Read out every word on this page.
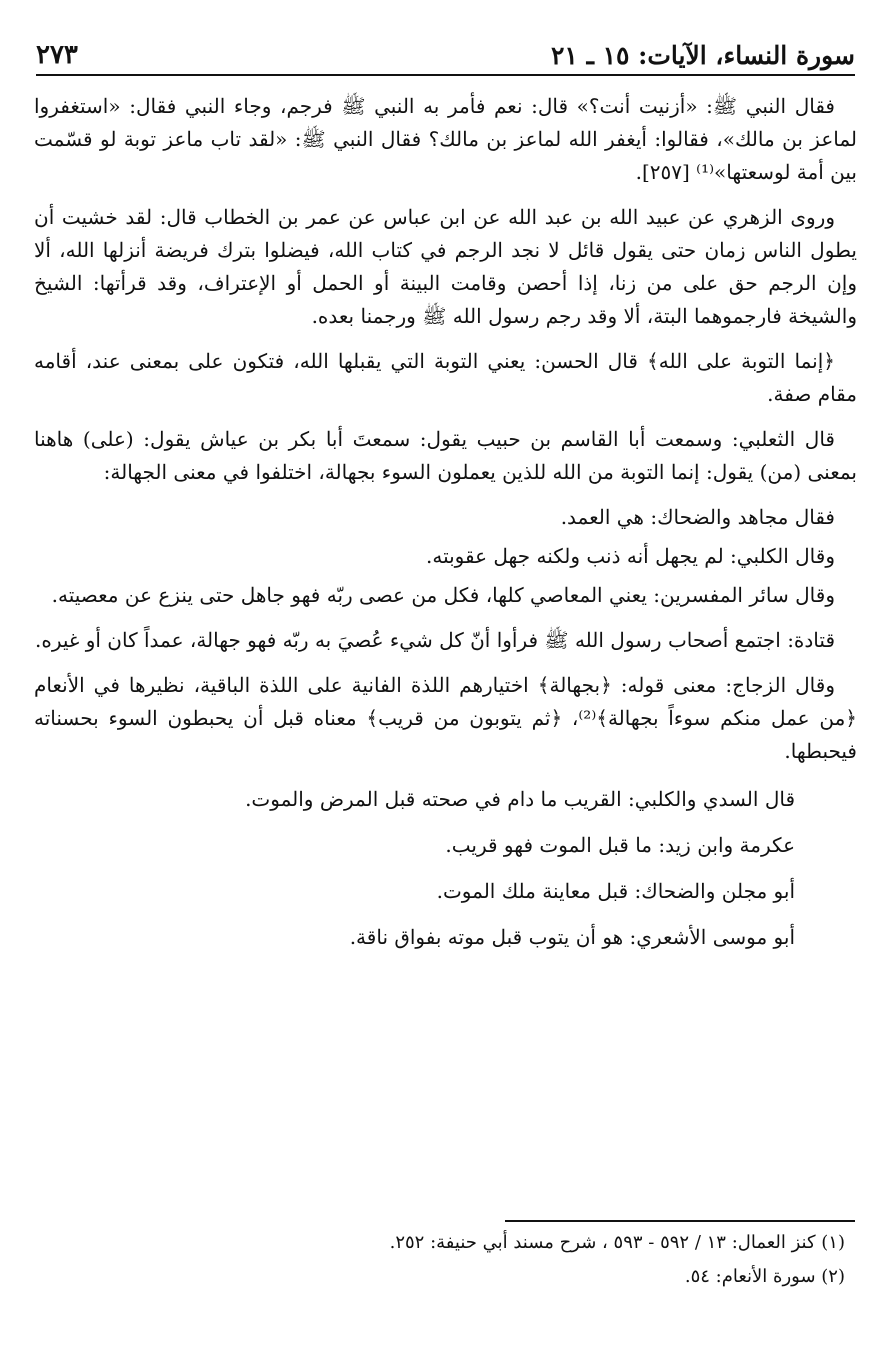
٢٧٣	سورة النساء، الآيات: ١٥ ـ ٢١

فقال النبي ﷺ: «أزنيت أنت؟» قال: نعم فأمر به النبي ﷺ فرجم، وجاء النبي فقال: «استغفروا لماعز بن مالك»، فقالوا: أيغفر الله لماعز بن مالك؟ فقال النبي ﷺ: «لقد تاب ماعز توبة لو قسّمت بين أمة لوسعتها»⁽¹⁾ [٢٥٧].

وروى الزهري عن عبيد الله بن عبد الله عن ابن عباس عن عمر بن الخطاب قال: لقد خشيت أن يطول الناس زمان حتى يقول قائل لا نجد الرجم في كتاب الله، فيضلوا بترك فريضة أنزلها الله، ألا وإن الرجم حق على من زنا، إذا أحصن وقامت البينة أو الحمل أو الإعتراف، وقد قرأتها: الشيخ والشيخة فارجموهما البتة، ألا وقد رجم رسول الله ﷺ ورجمنا بعده.

﴿إنما التوبة على الله﴾ قال الحسن: يعني التوبة التي يقبلها الله، فتكون على بمعنى عند، أقامه مقام صفة.

قال الثعلبي: وسمعت أبا القاسم بن حبيب يقول: سمعتَ أبا بكر بن عياش يقول: (على) هاهنا بمعنى (من) يقول: إنما التوبة من الله للذين يعملون السوء بجهالة، اختلفوا في معنى الجهالة:

فقال مجاهد والضحاك: هي العمد.

وقال الكلبي: لم يجهل أنه ذنب ولكنه جهل عقوبته.

وقال سائر المفسرين: يعني المعاصي كلها، فكل من عصى ربّه فهو جاهل حتى ينزع عن معصيته.

قتادة: اجتمع أصحاب رسول الله ﷺ فرأوا أنّ كل شيء عُصيَ به ربّه فهو جهالة، عمداً كان أو غيره.

وقال الزجاج: معنى قوله: ﴿بجهالة﴾ اختيارهم اللذة الفانية على اللذة الباقية، نظيرها في الأنعام ﴿من عمل منكم سوءاً بجهالة﴾⁽²⁾، ﴿ثم يتوبون من قريب﴾ معناه قبل أن يحبطون السوء بحسناته فيحبطها.

قال السدي والكلبي: القريب ما دام في صحته قبل المرض والموت.

عكرمة وابن زيد: ما قبل الموت فهو قريب.

أبو مجلن والضحاك: قبل معاينة ملك الموت.

أبو موسى الأشعري: هو أن يتوب قبل موته بفواق ناقة.

(١) كنز العمال: ١٣ / ٥٩٢ - ٥٩٣ ، شرح مسند أبي حنيفة: ٢٥٢.

(٢) سورة الأنعام: ٥٤.
